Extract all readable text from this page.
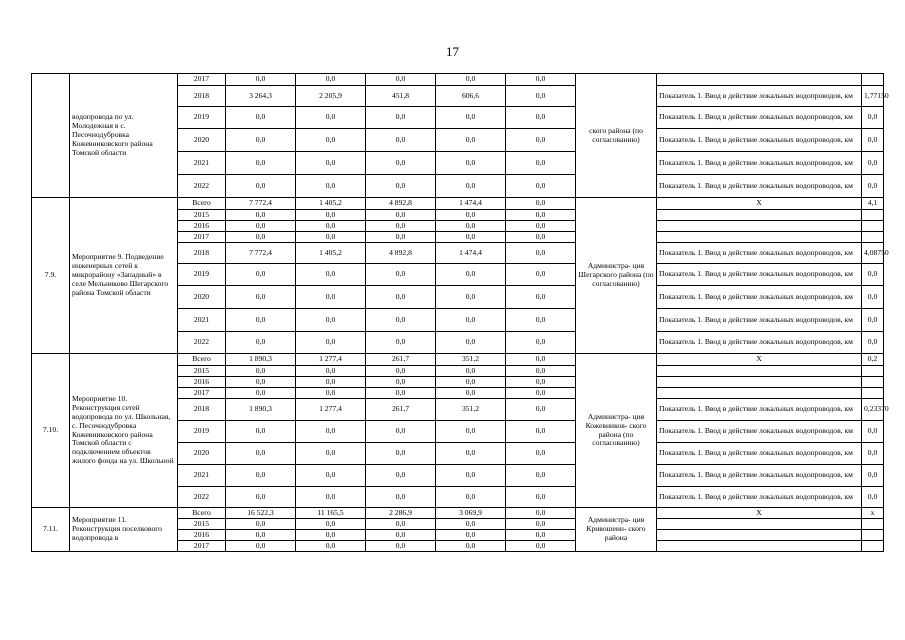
17
	водопровода по ул. Молодежная в с. Песочнодубровка Кожевниковского района Томской области	2017	0,0	0,0	0,0	0,0	0,0	ского района (по согласованию)		
		2018	3 264,3	2 205,9	451,8	606,6	0,0		Показатель 1. Ввод в действие локальных водопроводов, км	1,77150
		2019	0,0	0,0	0,0	0,0	0,0		Показатель 1. Ввод в действие локальных водопроводов, км	0,0
		2020	0,0	0,0	0,0	0,0	0,0		Показатель 1. Ввод в действие локальных водопроводов, км	0,0
		2021	0,0	0,0	0,0	0,0	0,0		Показатель 1. Ввод в действие локальных водопроводов, км	0,0
		2022	0,0	0,0	0,0	0,0	0,0		Показатель 1. Ввод в действие локальных водопроводов, км	0,0
7.9.	Мероприятие 9. Подведение инженерных сетей к микрорайону «Западный» в селе Мельниково Шегарского района Томской области	Всего	7 772,4	1 405,2	4 892,8	1 474,4	0,0	Администра- ция Шегарского района (по согласованию)	X	4,1
		2015	0,0	0,0	0,0	0,0	0,0			
		2016	0,0	0,0	0,0	0,0	0,0			
		2017	0,0	0,0	0,0	0,0	0,0			
		2018	7 772,4	1 405,2	4 892,8	1 474,4	0,0		Показатель 1. Ввод в действие локальных водопроводов, км	4,08750
		2019	0,0	0,0	0,0	0,0	0,0		Показатель 1. Ввод в действие локальных водопроводов, км	0,0
		2020	0,0	0,0	0,0	0,0	0,0		Показатель 1. Ввод в действие локальных водопроводов, км	0,0
		2021	0,0	0,0	0,0	0,0	0,0		Показатель 1. Ввод в действие локальных водопроводов, км	0,0
		2022	0,0	0,0	0,0	0,0	0,0		Показатель 1. Ввод в действие локальных водопроводов, км	0,0
7.10.	Мероприятие 10. Реконструкция сетей водопровода по ул. Школьная, с. Песочнодубровка Кожевниковского района Томской области с подключением объектов жилого фонда на ул. Школьной	Всего	1 890,3	1 277,4	261,7	351,2	0,0	Администра- ция Кожевников- ского района (по согласованию)	X	0,2
		2015	0,0	0,0	0,0	0,0	0,0			
		2016	0,0	0,0	0,0	0,0	0,0			
		2017	0,0	0,0	0,0	0,0	0,0			
		2018	1 890,3	1 277,4	261,7	351,2	0,0		Показатель 1. Ввод в действие локальных водопроводов, км	0,23370
		2019	0,0	0,0	0,0	0,0	0,0		Показатель 1. Ввод в действие локальных водопроводов, км	0,0
		2020	0,0	0,0	0,0	0,0	0,0		Показатель 1. Ввод в действие локальных водопроводов, км	0,0
		2021	0,0	0,0	0,0	0,0	0,0		Показатель 1. Ввод в действие локальных водопроводов, км	0,0
		2022	0,0	0,0	0,0	0,0	0,0		Показатель 1. Ввод в действие локальных водопроводов, км	0,0
7.11.	Мероприятие 11. Реконструкция поселкового водопровода в	Всего	16 522,3	11 165,5	2 286,9	3 069,9	0,0	Администра- ция Кривошеин- ского района	X	x
		2015	0,0	0,0	0,0	0,0	0,0			
		2016	0,0	0,0	0,0	0,0	0,0			
		2017	0,0	0,0	0,0	0,0	0,0			
